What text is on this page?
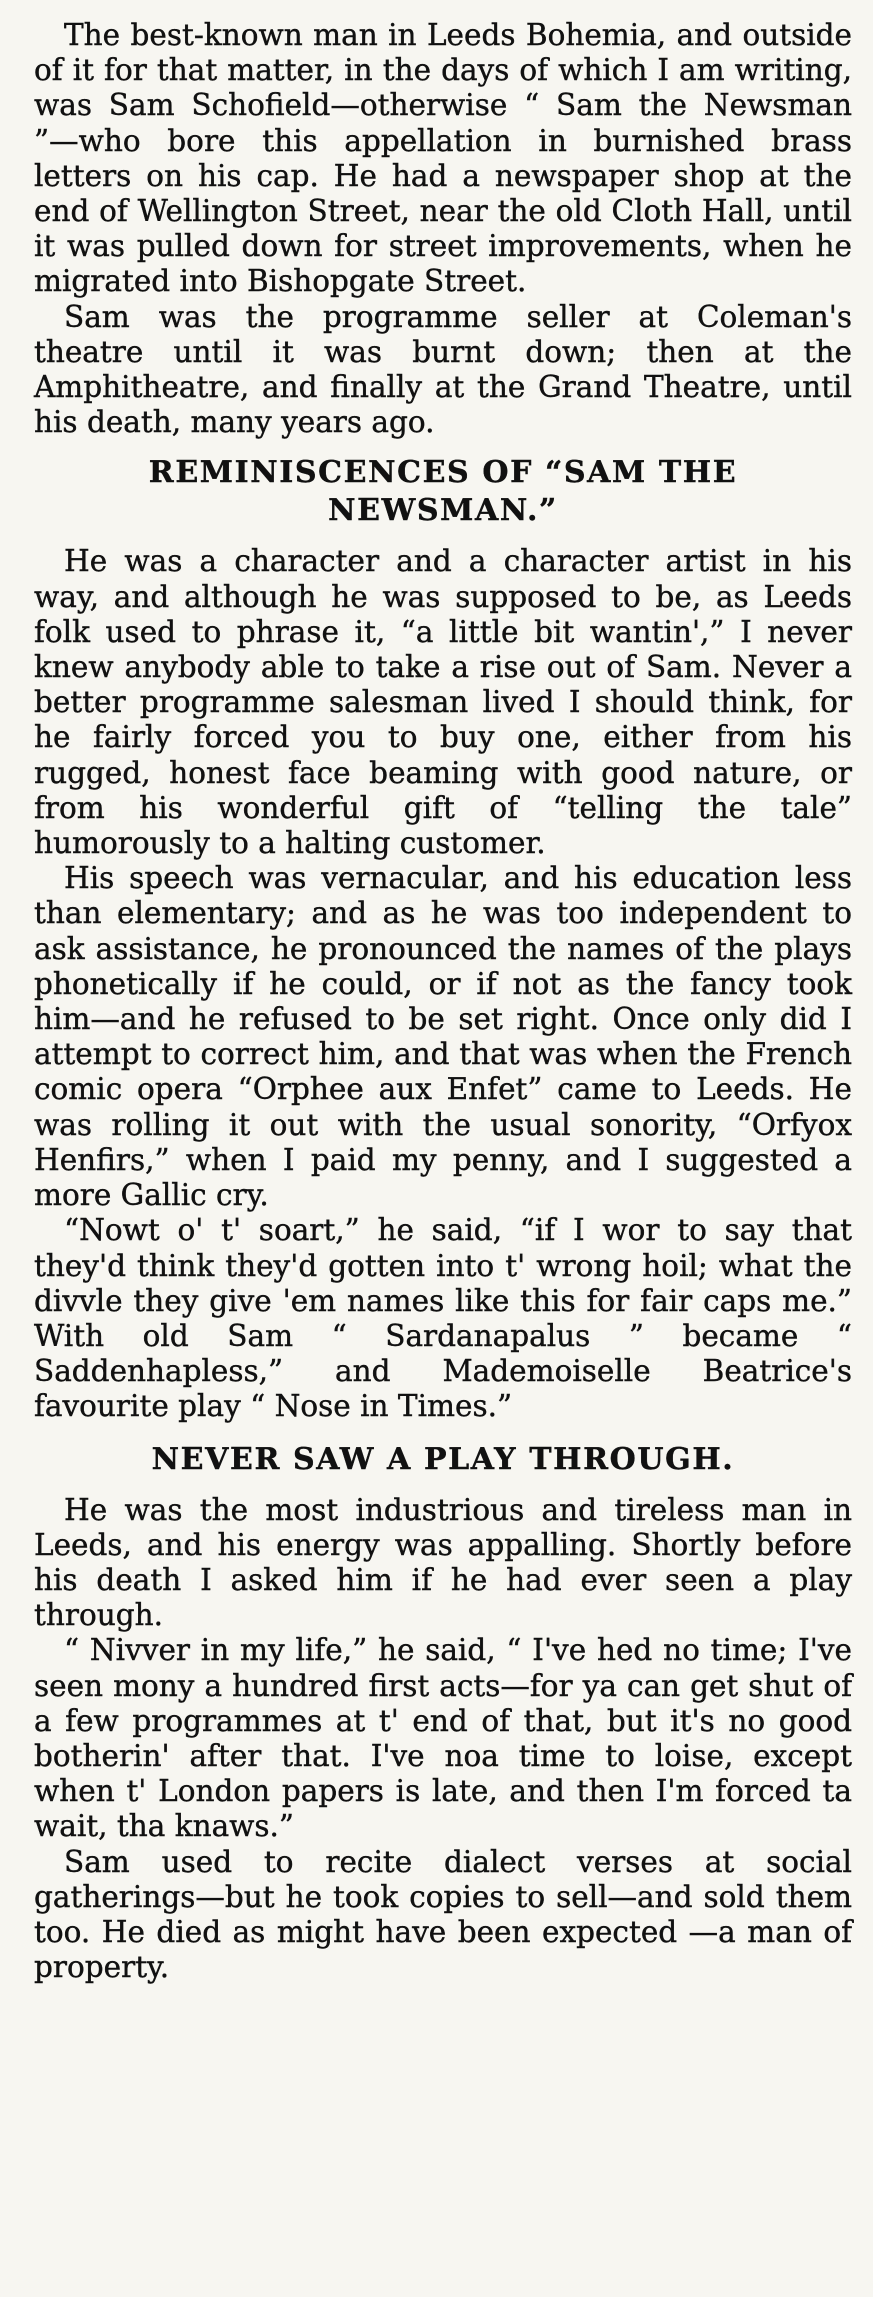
The best-known man in Leeds Bohemia, and outside of it for that matter, in the days of which I am writing, was Sam Schofield—otherwise “ Sam the Newsman ”—who bore this appellation in burnished brass letters on his cap. He had a newspaper shop at the end of Wellington Street, near the old Cloth Hall, until it was pulled down for street improvements, when he migrated into Bishopgate Street.

Sam was the programme seller at Coleman's theatre until it was burnt down; then at the Amphitheatre, and finally at the Grand Theatre, until his death, many years ago.

REMINISCENCES OF “SAM THE NEWSMAN.”

He was a character and a character artist in his way, and although he was supposed to be, as Leeds folk used to phrase it, “a little bit wantin',” I never knew anybody able to take a rise out of Sam. Never a better programme salesman lived I should think, for he fairly forced you to buy one, either from his rugged, honest face beaming with good nature, or from his wonderful gift of “telling the tale” humorously to a halting customer.

His speech was vernacular, and his education less than elementary; and as he was too independent to ask assistance, he pronounced the names of the plays phonetically if he could, or if not as the fancy took him—and he refused to be set right. Once only did I attempt to correct him, and that was when the French comic opera “Orphee aux Enfet” came to Leeds. He was rolling it out with the usual sonority, “Orfyox Henfirs,” when I paid my penny, and I suggested a more Gallic cry.

“Nowt o' t' soart,” he said, “if I wor to say that they'd think they'd gotten into t' wrong hoil; what the divvle they give 'em names like this for fair caps me.” With old Sam “ Sardanapalus ” became “ Saddenhapless,” and Mademoiselle Beatrice's favourite play “ Nose in Times.”

NEVER SAW A PLAY THROUGH.

He was the most industrious and tireless man in Leeds, and his energy was appalling. Shortly before his death I asked him if he had ever seen a play through.

“ Nivver in my life,” he said, “ I've hed no time; I've seen mony a hundred first acts—for ya can get shut of a few programmes at t' end of that, but it's no good botherin' after that. I've noa time to loise, except when t' London papers is late, and then I'm forced ta wait, tha knaws.”

Sam used to recite dialect verses at social gatherings—but he took copies to sell—and sold them too. He died as might have been expected —a man of property.
